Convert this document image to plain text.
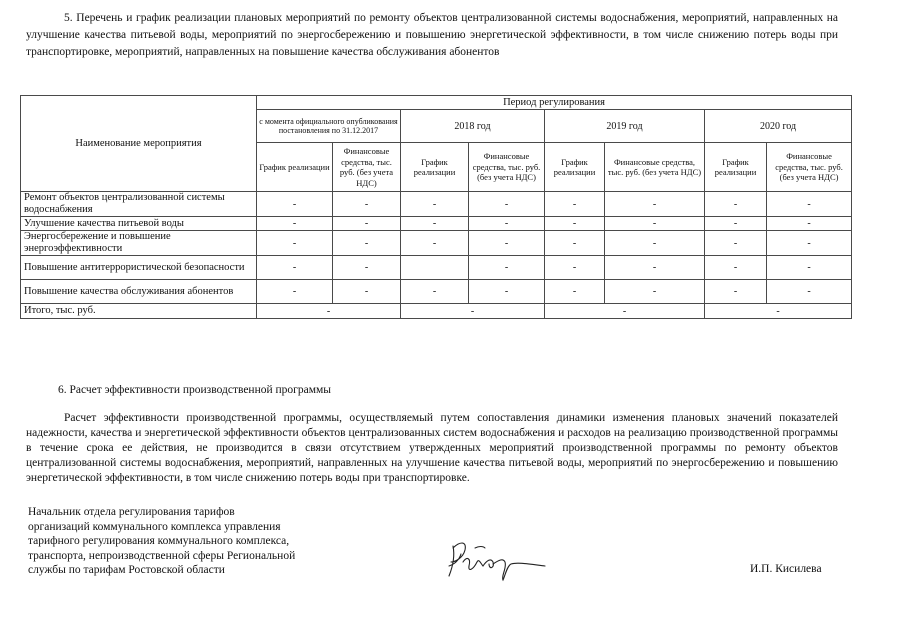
5. Перечень и график реализации плановых мероприятий по ремонту объектов централизованной системы водоснабжения, мероприятий, направленных на улучшение качества питьевой воды, мероприятий по энергосбережению и повышению энергетической эффективности, в том числе снижению потерь воды при транспортировке, мероприятий, направленных на повышение качества обслуживания абонентов
Наименование мероприятия	Период регулирования							
	с момента официального опубликования постановления по 31.12.2017		2018 год		2019 год		2020 год	
	График реализации	Финансовые средства, тыс. руб. (без учета НДС)	График реализации	Финансовые средства, тыс. руб. (без учета НДС)	График реализации	Финансовые средства, тыс. руб. (без учета НДС)	График реализации	Финансовые средства, тыс. руб. (без учета НДС)
Ремонт объектов централизованной системы водоснабжения	-	-	-	-	-	-	-	-
Улучшение качества питьевой воды	-	-	-	-	-	-	-	-
Энергосбережение и повышение энергоэффективности	-	-	-	-	-	-	-	-
Повышение антитеррористической безопасности	-	-		-	-	-	-	-
Повышение качества обслуживания абонентов	-	-	-	-	-	-	-	-
Итого, тыс. руб.	-		-		-		-	
6. Расчет эффективности производственной программы
Расчет эффективности производственной программы, осуществляемый путем сопоставления динамики изменения плановых значений показателей надежности, качества и энергетической эффективности объектов централизованных систем водоснабжения и расходов на реализацию производственной программы в течение срока ее действия, не производится в связи отсутствием утвержденных мероприятий производственной программы по ремонту объектов централизованной системы водоснабжения, мероприятий, направленных на улучшение качества питьевой воды, мероприятий по энергосбережению и повышению энергетической эффективности, в том числе снижению потерь воды при транспортировке.
Начальник отдела регулирования тарифов
организаций коммунального комплекса управления
тарифного регулирования коммунального комплекса,
транспорта, непроизводственной сферы Региональной
службы по тарифам Ростовской области	И.П. Кисилева
